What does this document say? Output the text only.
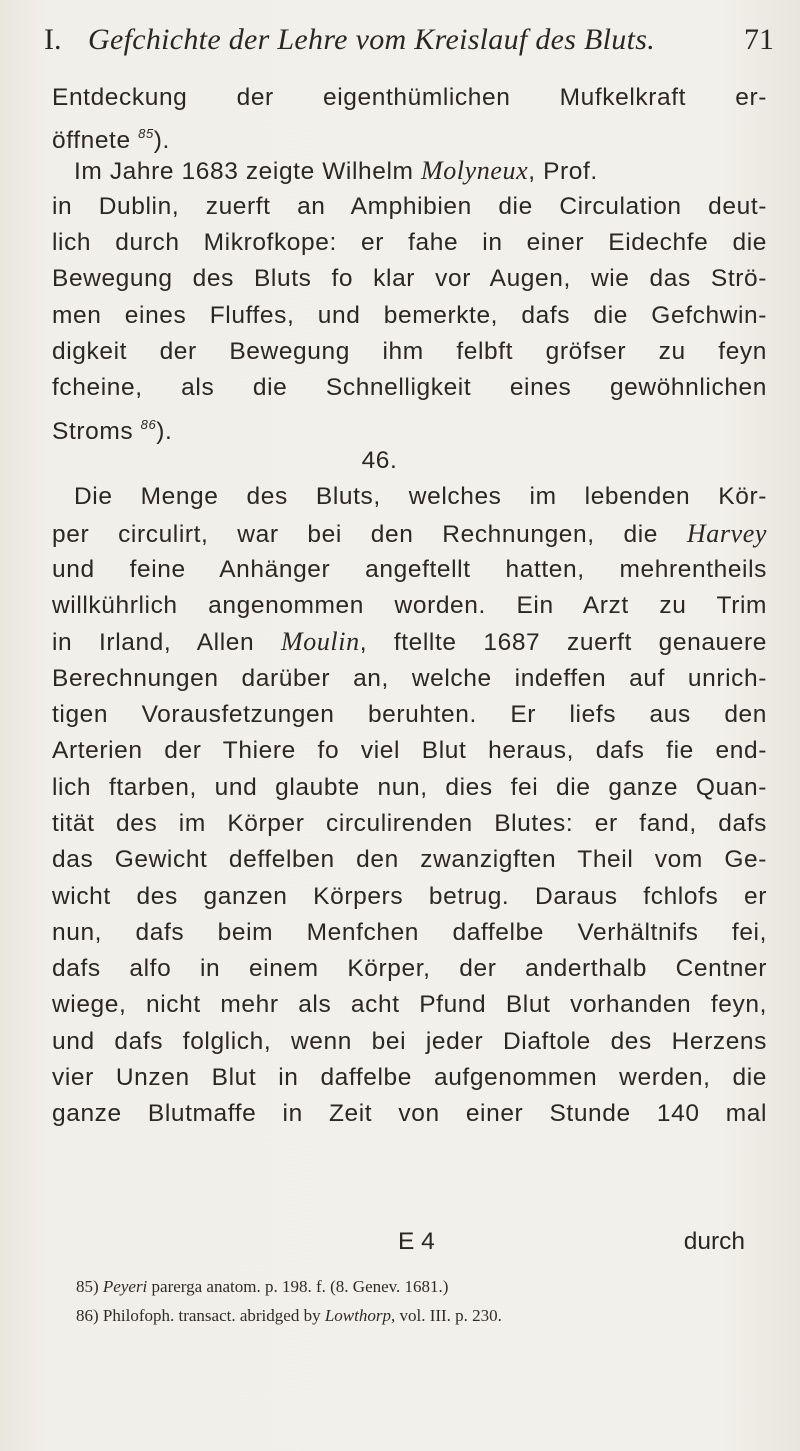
I. Gefchichte der Lehre vom Kreislauf des Bluts.	71
Entdeckung der eigenthümlichen Mufkelkraft er-
öffnete $^{85}$).
Im Jahre 1683 zeigte Wilhelm Molyneux, Prof.
in Dublin, zuerft an Amphibien die Circulation deut-
lich durch Mikrofkope: er fahe in einer Eidechfe die
Bewegung des Bluts fo klar vor Augen, wie das Strö-
men eines Fluffes, und bemerkte, dafs die Gefchwin-
digkeit der Bewegung ihm felbft gröfser zu feyn
fcheine, als die Schnelligkeit eines gewöhnlichen
Stroms $^{86}$).
46.
Die Menge des Bluts, welches im lebenden Kör-
per circulirt, war bei den Rechnungen, die Harvey
und feine Anhänger angeftellt hatten, mehrentheils
willkührlich angenommen worden. Ein Arzt zu Trim
in Irland, Allen Moulin, ftellte 1687 zuerft genauere
Berechnungen darüber an, welche indeffen auf unrich-
tigen Vorausfetzungen beruhten. Er liefs aus den
Arterien der Thiere fo viel Blut heraus, dafs fie end-
lich ftarben, und glaubte nun, dies fei die ganze Quan-
tität des im Körper circulirenden Blutes: er fand, dafs
das Gewicht deffelben den zwanzigften Theil vom Ge-
wicht des ganzen Körpers betrug. Daraus fchlofs er
nun, dafs beim Menfchen daffelbe Verhältnifs fei,
dafs alfo in einem Körper, der anderthalb Centner
wiege, nicht mehr als acht Pfund Blut vorhanden feyn,
und dafs folglich, wenn bei jeder Diaftole des Herzens
vier Unzen Blut in daffelbe aufgenommen werden, die
ganze Blutmaffe in Zeit von einer Stunde 140 mal
E 4	durch
85) Peyeri parerga anatom. p. 198. f. (8. Genev. 1681.)
86) Philofoph. transact. abridged by Lowthorp, vol. III. p. 230.
